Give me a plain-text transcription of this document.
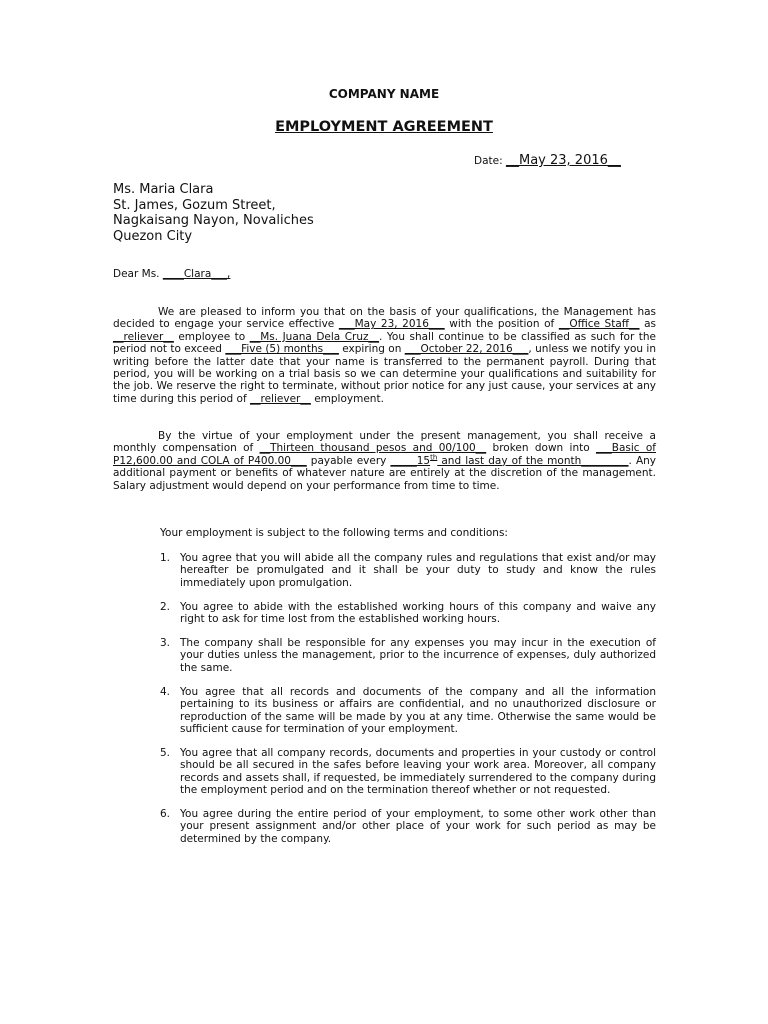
COMPANY NAME
EMPLOYMENT AGREEMENT
Date: __May 23, 2016__
Ms. Maria Clara
St. James, Gozum Street,
Nagkaisang Nayon, Novaliches
Quezon City
Dear Ms. ____Clara___,
We are pleased to inform you that on the basis of your qualifications, the Management has decided to engage your service effective ___May 23, 2016___ with the position of __Office Staff__ as __reliever__ employee to __Ms. Juana Dela Cruz__. You shall continue to be classified as such for the period not to exceed ___Five (5) months___ expiring on ___October 22, 2016___, unless we notify you in writing before the latter date that your name is transferred to the permanent payroll. During that period, you will be working on a trial basis so we can determine your qualifications and suitability for the job. We reserve the right to terminate, without prior notice for any just cause, your services at any time during this period of __reliever__ employment.
By the virtue of your employment under the present management, you shall receive a monthly compensation of __Thirteen thousand pesos and 00/100__ broken down into ___Basic of P12,600.00 and COLA of P400.00___ payable every _____15th and last day of the month_________. Any additional payment or benefits of whatever nature are entirely at the discretion of the management. Salary adjustment would depend on your performance from time to time.
Your employment is subject to the following terms and conditions:
1. You agree that you will abide all the company rules and regulations that exist and/or may hereafter be promulgated and it shall be your duty to study and know the rules immediately upon promulgation.
2. You agree to abide with the established working hours of this company and waive any right to ask for time lost from the established working hours.
3. The company shall be responsible for any expenses you may incur in the execution of your duties unless the management, prior to the incurrence of expenses, duly authorized the same.
4. You agree that all records and documents of the company and all the information pertaining to its business or affairs are confidential, and no unauthorized disclosure or reproduction of the same will be made by you at any time. Otherwise the same would be sufficient cause for termination of your employment.
5. You agree that all company records, documents and properties in your custody or control should be all secured in the safes before leaving your work area. Moreover, all company records and assets shall, if requested, be immediately surrendered to the company during the employment period and on the termination thereof whether or not requested.
6. You agree during the entire period of your employment, to some other work other than your present assignment and/or other place of your work for such period as may be determined by the company.
